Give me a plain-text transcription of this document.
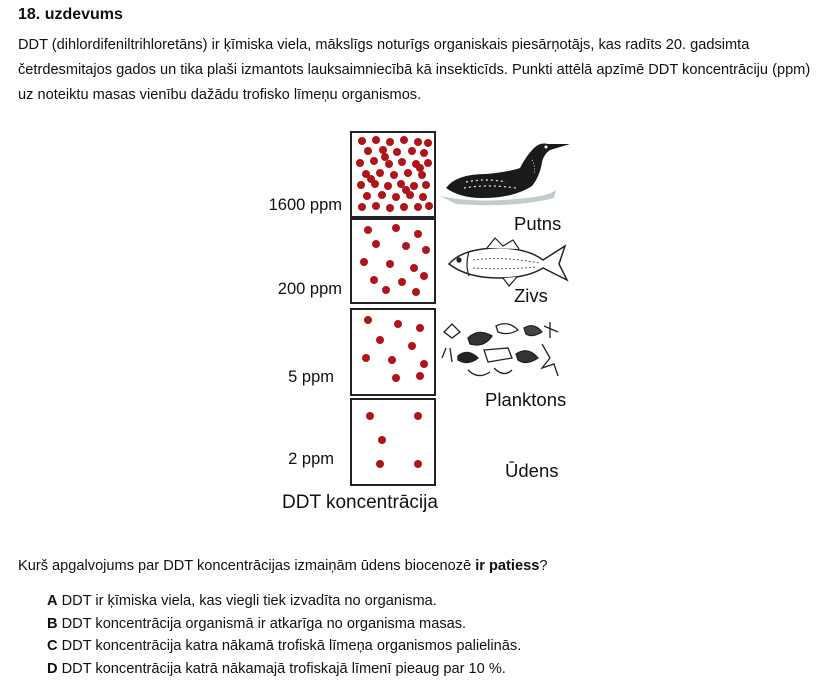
18. uzdevums
DDT (dihlordifeniltrihloretāns) ir ķīmiska viela, mākslīgs noturīgs organiskais piesārņotājs, kas radīts 20. gadsimta četrdesmitajos gados un tika plaši izmantots lauksaimniecībā kā insekticīds. Punkti attēlā apzīmē DDT koncentrāciju (ppm) uz noteiktu masas vienību dažādu trofisko līmeņu organismos.
1600 ppm
200 ppm
5 ppm
2 ppm
Putns
Zivs
Planktons
Ūdens
DDT koncentrācija
Kurš apgalvojums par DDT koncentrācijas izmaiņām ūdens biocenozē ir patiess?
A DDT ir ķīmiska viela, kas viegli tiek izvadīta no organisma.
B DDT koncentrācija organismā ir atkarīga no organisma masas.
C DDT koncentrācija katra nākamā trofiskā līmeņa organismos palielinās.
D DDT koncentrācija katrā nākamajā trofiskajā līmenī pieaug par 10 %.
